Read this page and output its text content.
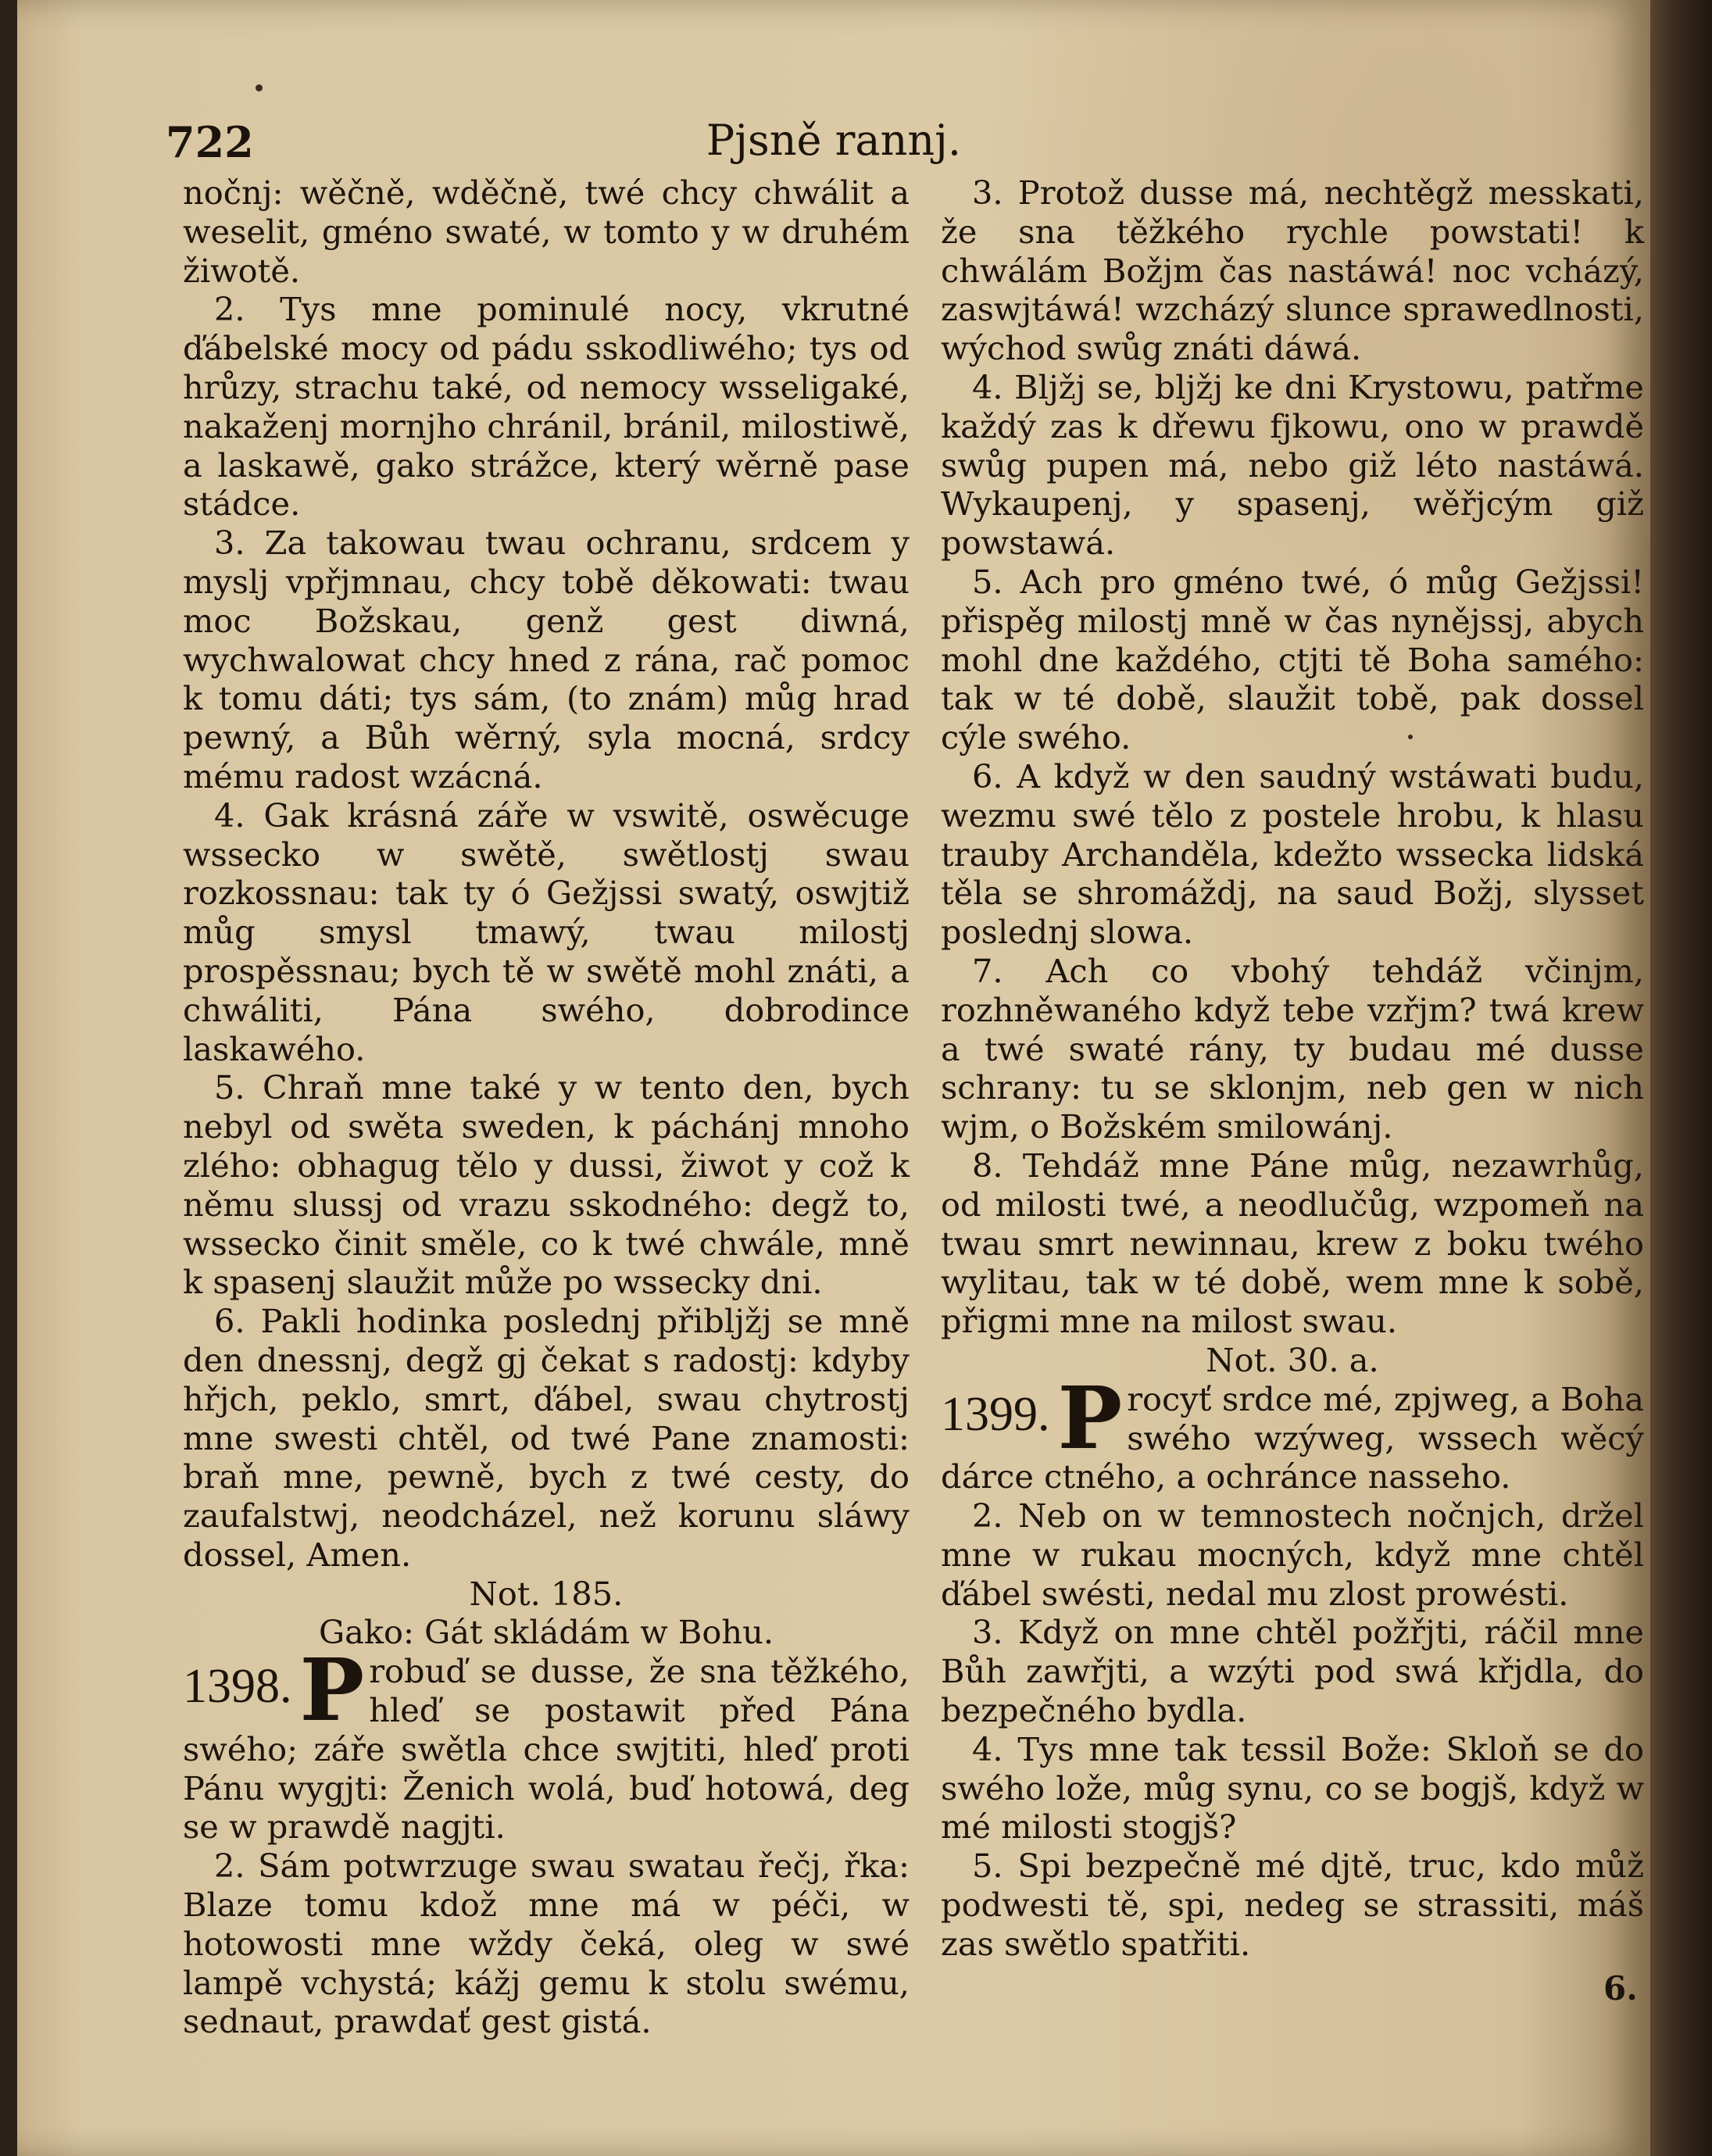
722	Pjsně rannj.

nočnj: wěčně, wděčně, twé chcy chwálit a weselit, gméno swaté, w tomto y w druhém žiwotě.

2. Tys mne pominulé nocy, vkrutné ďábelské mocy od pádu sskodliwého; tys od hrůzy, strachu také, od nemocy wsseligaké, nakaženj mornjho chránil, bránil, milostiwě, a laskawě, gako strážce, který wěrně pase stádce.

3. Za takowau twau ochranu, srdcem y myslj vpřjmnau, chcy tobě děkowati: twau moc Božskau, genž gest diwná, wychwalowat chcy hned z rána, rač pomoc k tomu dáti; tys sám, (to znám) můg hrad pewný, a Bůh wěrný, syla mocná, srdcy mému radost wzácná.

4. Gak krásná záře w vswitě, oswěcuge wsseсko w swětě, swětlostj swau rozkossnau: tak ty ó Gežjssi swatý, oswjtiž můg smysl tmawý, twau milostj prospěssnau; bych tě w swětě mohl znáti, a chwáliti, Pána swého, dobrodince laskawého.

5. Chraň mne také y w tento den, bych nebyl od swěta swеden, k páchánj mnoho zlého: obhagug tělo y dussi, žiwot y což k němu slussj od vrazu sskodného: degž to, wsseсko činit směle, co k twé chwále, mně k spasenj slaužit může po wssecky dni.

6. Pakli hodinka poslednj přiblјžј se mně den dnessnj, degž gj čekat s radostj: kdyby hřjch, peklo, smrt, ďábel, swau chytrostj mne swesti chtěl, od twé Pane znamosti: braň mne, pewně, bych z twé cesty, do zaufalstwj, neodcházel, než korunu sláwy dossel, Amen.

Not. 185.

Gako: Gát skládám w Bohu.

1398. P robuď se dusse, že sna těžkého, hleď se postawit před Pána swého; záře swětla chce swjtiti, hleď proti Pánu wygjti: Ženich wolá, buď hotowá, deg se w prawdě nagjti.

2. Sám potwrzuge swau swatau řečj, řka: Blaze tomu kdož mne má w péči, w hotowosti mne wždy čeká, oleg w swé lampě vchystá; kážj gemu k stolu swému, sednaut, prawdať gest gistá.

3. Protož dusse má, nechtěgž messkati, že sna těžkého rychle powstati! k chwálám Božjm čas nastáwá! noc vcházý, zaswjtáwá! wzcházý slunce sprawedlnosti, wýchod swůg znáti dáwá.

4. Blјžј se, blјžј ke dni Krystowu, patřme každý zas k dřewu fjkowu, ono w prawdě swůg pupen má, nebo giž léto nastáwá. Wykaupenj, y spasenj, wěřjcým giž powstawá.

5. Ach pro gméno twé, ó můg Gežjssi! přispěg milostj mně w čas nynějssj, abych mohl dne každého, ctjti tě Boha samého: tak w té době, slaužit tobě, pak dossel cýle swého.

6. A když w den saudný wstáwati budu, wezmu swé tělo z postele hrobu, k hlasu trauby Archanděla, kdežto wssecka lidská těla se shromáždj, na saud Božj, slysset poslednj slowa.

7. Ach co vbohý tehdáž včinjm, rozhněwaného když tebe vzřjm? twá krew a twé swaté rány, ty budau mé dusse schrany: tu se sklonjm, neb gen w nich wjm, o Božském smilowánj.

8. Tehdáž mne Páne můg, nezawrhůg, od milosti twé, a neodlučůg, wzpomeň na twau smrt newinnau, krew z boku twého wylitau, tak w té době, wem mne k sobě, přigmi mne na milost swau.

Not. 30. a.

1399. P rocyť srdce mé, zpjweg, a Boha swého wzýweg, wssech wěcý dárce ctného, a ochránce nasseho.

2. Neb on w temnostech nočnjch, držel mne w rukau mocných, když mne chtěl ďábel swésti, nedal mu zlost prowésti.

3. Když on mne chtěl požřjti, ráčil mne Bůh zawřjti, a wzýti pod swá křjdla, do bezpečného bydla.

4. Tys mne tak tєssil Bože: Skloň se do swého lože, můg synu, co se bogjš, když w mé milosti stogjš?

5. Spi bezpečně mé djtě, truc, kdo můž podwesti tě, spi, nedeg se strassiti, máš zas swětlo spatřiti.

6.
